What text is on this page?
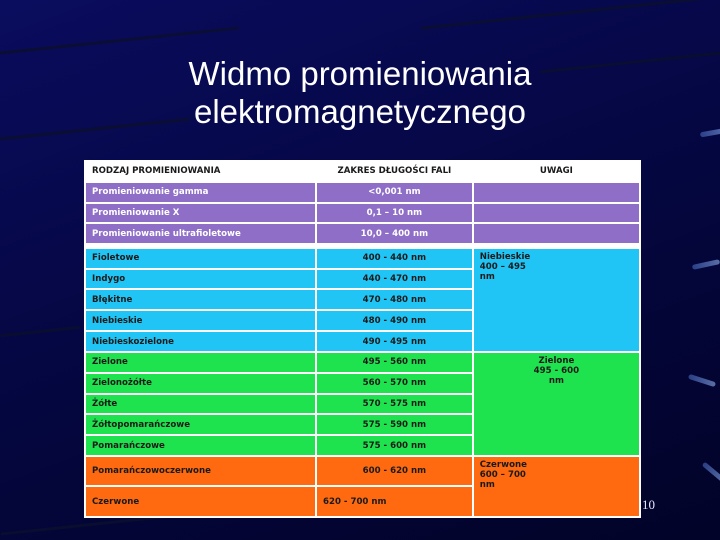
Widmo promieniowania
elektromagnetycznego
RODZAJ PROMIENIOWANIA	ZAKRES DŁUGOŚCI FALI	UWAGI
Promieniowanie gamma	<0,001 nm	
Promieniowanie X	0,1 – 10 nm	
Promieniowanie ultrafioletowe	10,0 – 400 nm	

Fioletowe	400 - 440 nm	Niebieskie
400 – 495
nm

Indygo	440 - 470 nm	
Błękitne	470 - 480 nm	
Niebieskie	480 - 490 nm	
Niebieskozielone	490 - 495 nm	
Zielone	495 - 560 nm	Zielone
495 - 600
nm

Zielonożółte	560 - 570 nm	
Żółte	570 - 575 nm	
Żółtopomarańczowe	575 - 590 nm	
Pomarańczowe	575 - 600 nm	
Pomarańczowoczerwone	600 - 620 nm	Czerwone
600 – 700
nm

Czerwone	620 - 700 nm		10
